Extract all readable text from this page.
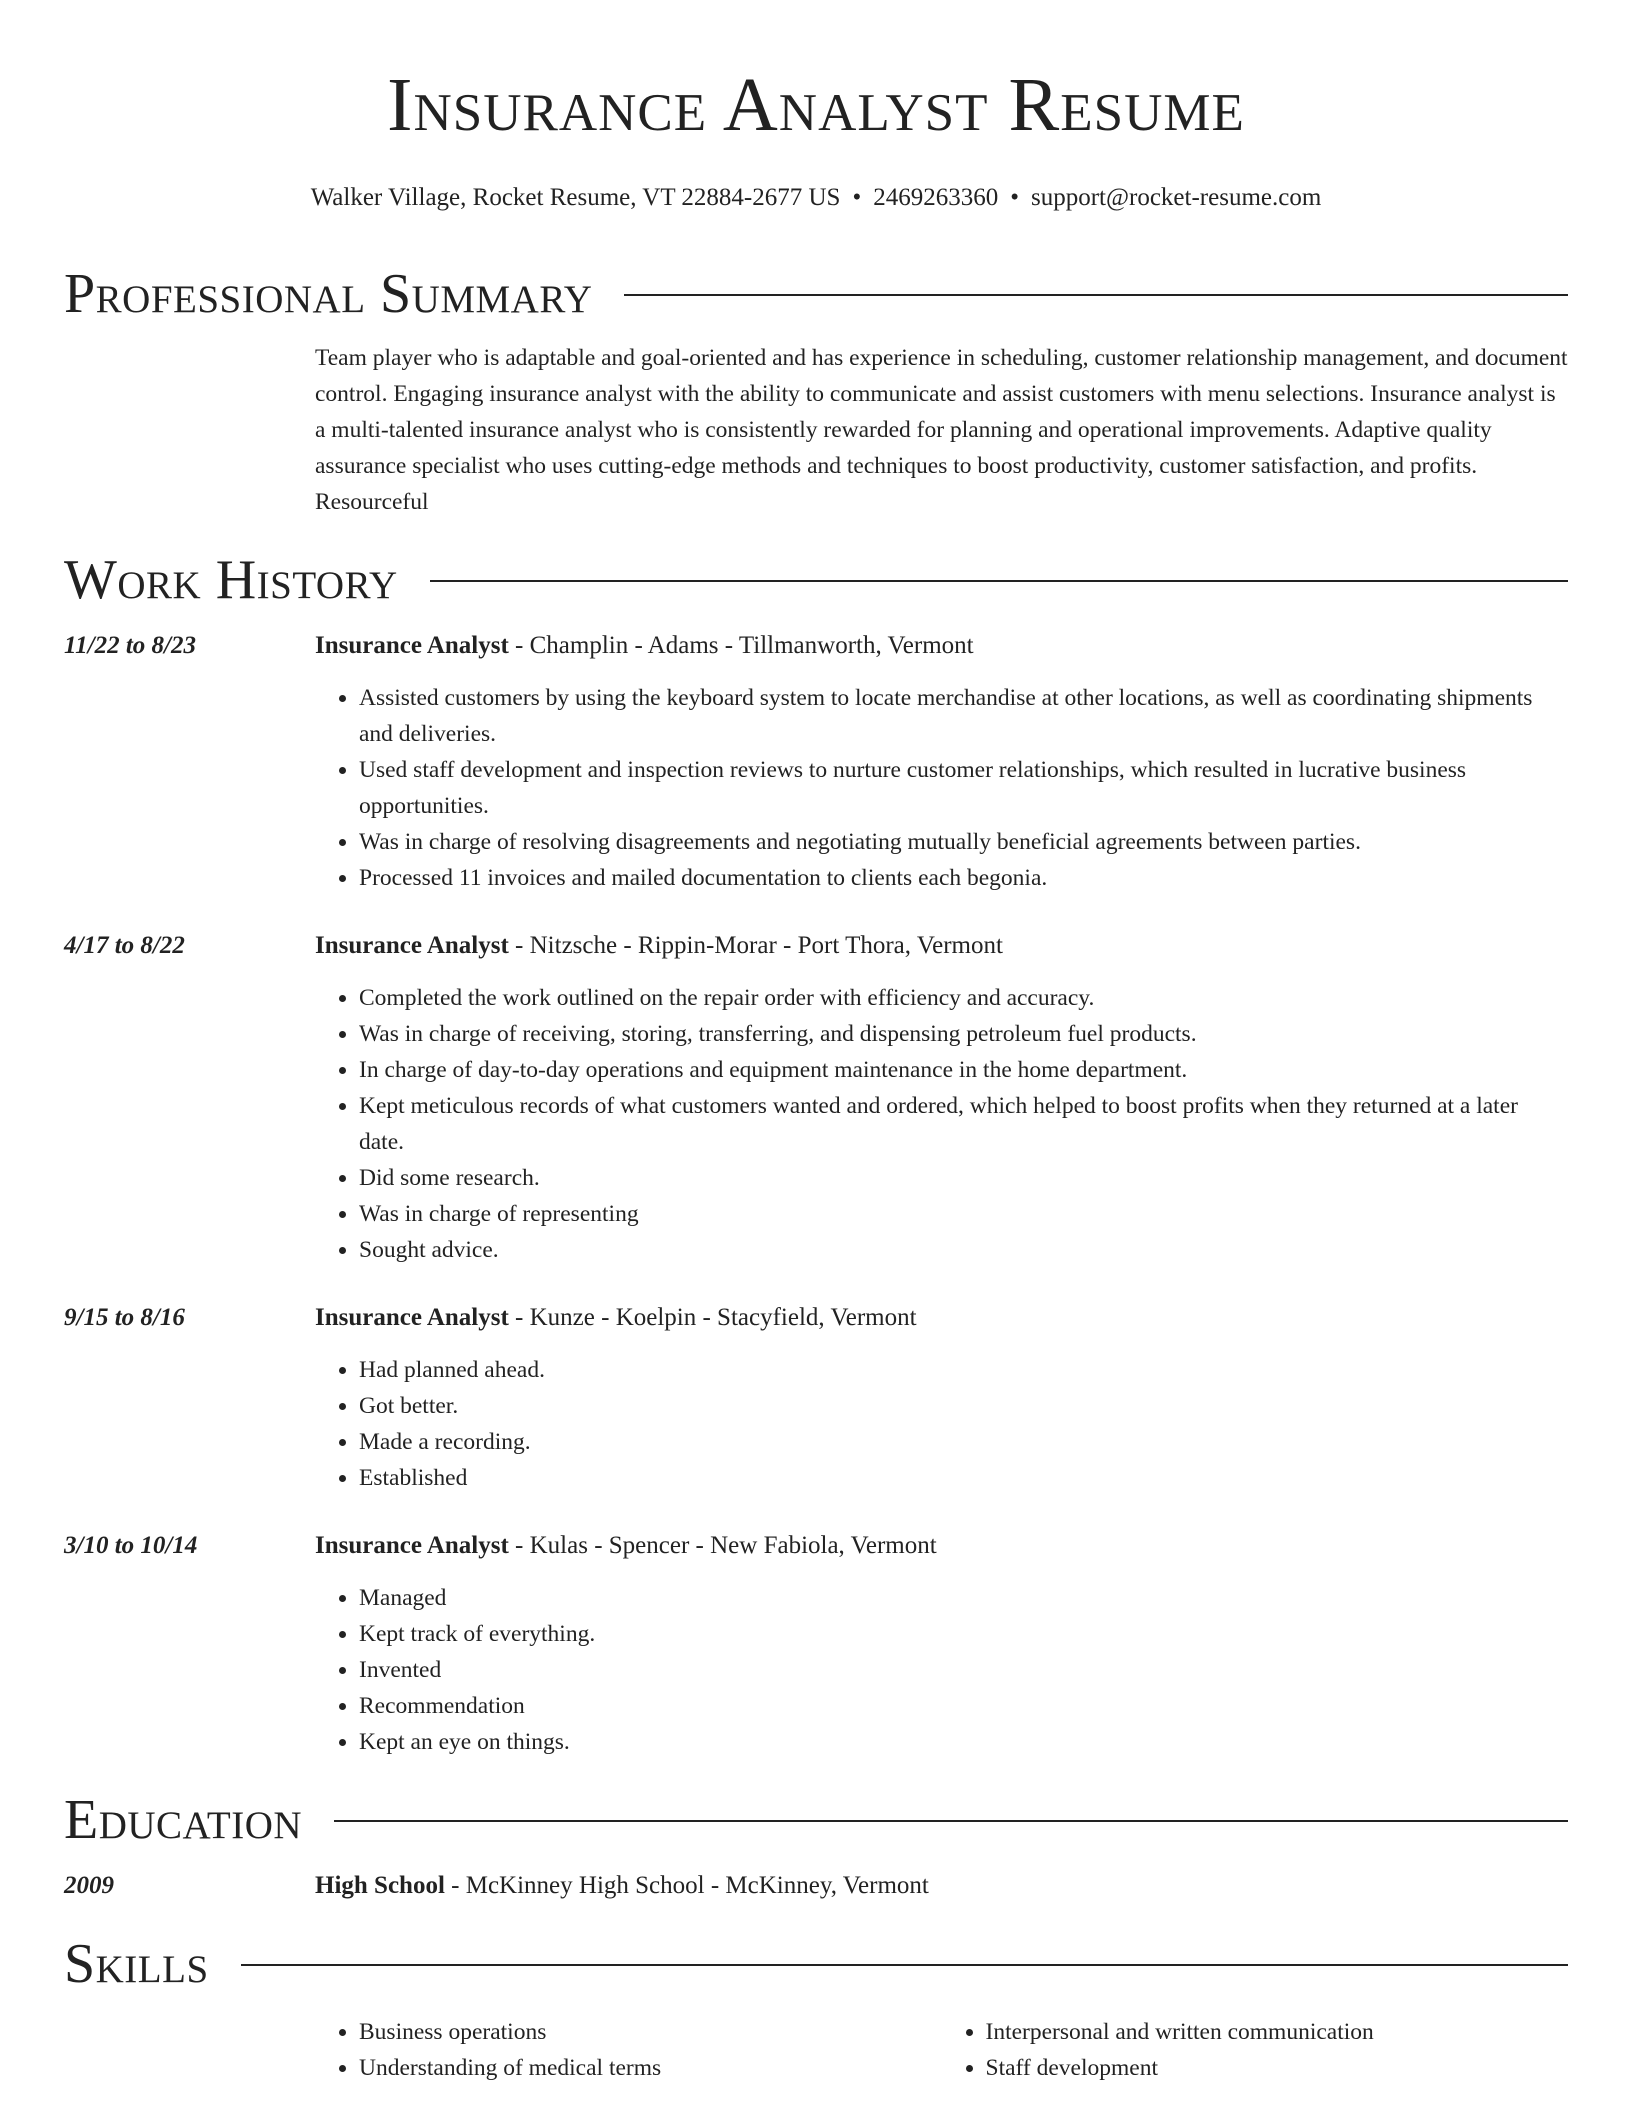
Insurance Analyst Resume
Walker Village, Rocket Resume, VT 22884-2677 US • 2469263360 • support@rocket-resume.com
Professional Summary

Team player who is adaptable and goal-oriented and has experience in scheduling, customer relationship management, and document control. Engaging insurance analyst with the ability to communicate and assist customers with menu selections. Insurance analyst is a multi-talented insurance analyst who is consistently rewarded for planning and operational improvements. Adaptive quality assurance specialist who uses cutting-edge methods and techniques to boost productivity, customer satisfaction, and profits. Resourceful

Work History
11/22 to 8/23	Insurance Analyst - Champlin - Adams - Tillmanworth, Vermont
• Assisted customers by using the keyboard system to locate merchandise at other locations, as well as coordinating shipments and deliveries.
• Used staff development and inspection reviews to nurture customer relationships, which resulted in lucrative business opportunities.
• Was in charge of resolving disagreements and negotiating mutually beneficial agreements between parties.
• Processed 11 invoices and mailed documentation to clients each begonia.
4/17 to 8/22	Insurance Analyst - Nitzsche - Rippin-Morar - Port Thora, Vermont
• Completed the work outlined on the repair order with efficiency and accuracy.
• Was in charge of receiving, storing, transferring, and dispensing petroleum fuel products.
• In charge of day-to-day operations and equipment maintenance in the home department.
• Kept meticulous records of what customers wanted and ordered, which helped to boost profits when they returned at a later date.
• Did some research.
• Was in charge of representing
• Sought advice.
9/15 to 8/16	Insurance Analyst - Kunze - Koelpin - Stacyfield, Vermont
• Had planned ahead.
• Got better.
• Made a recording.
• Established
3/10 to 10/14	Insurance Analyst - Kulas - Spencer - New Fabiola, Vermont
• Managed
• Kept track of everything.
• Invented
• Recommendation
• Kept an eye on things.
Education
2009	High School - McKinney High School - McKinney, Vermont
Skills
• Business operations
• Understanding of medical terms
• Interpersonal and written communication
• Staff development
